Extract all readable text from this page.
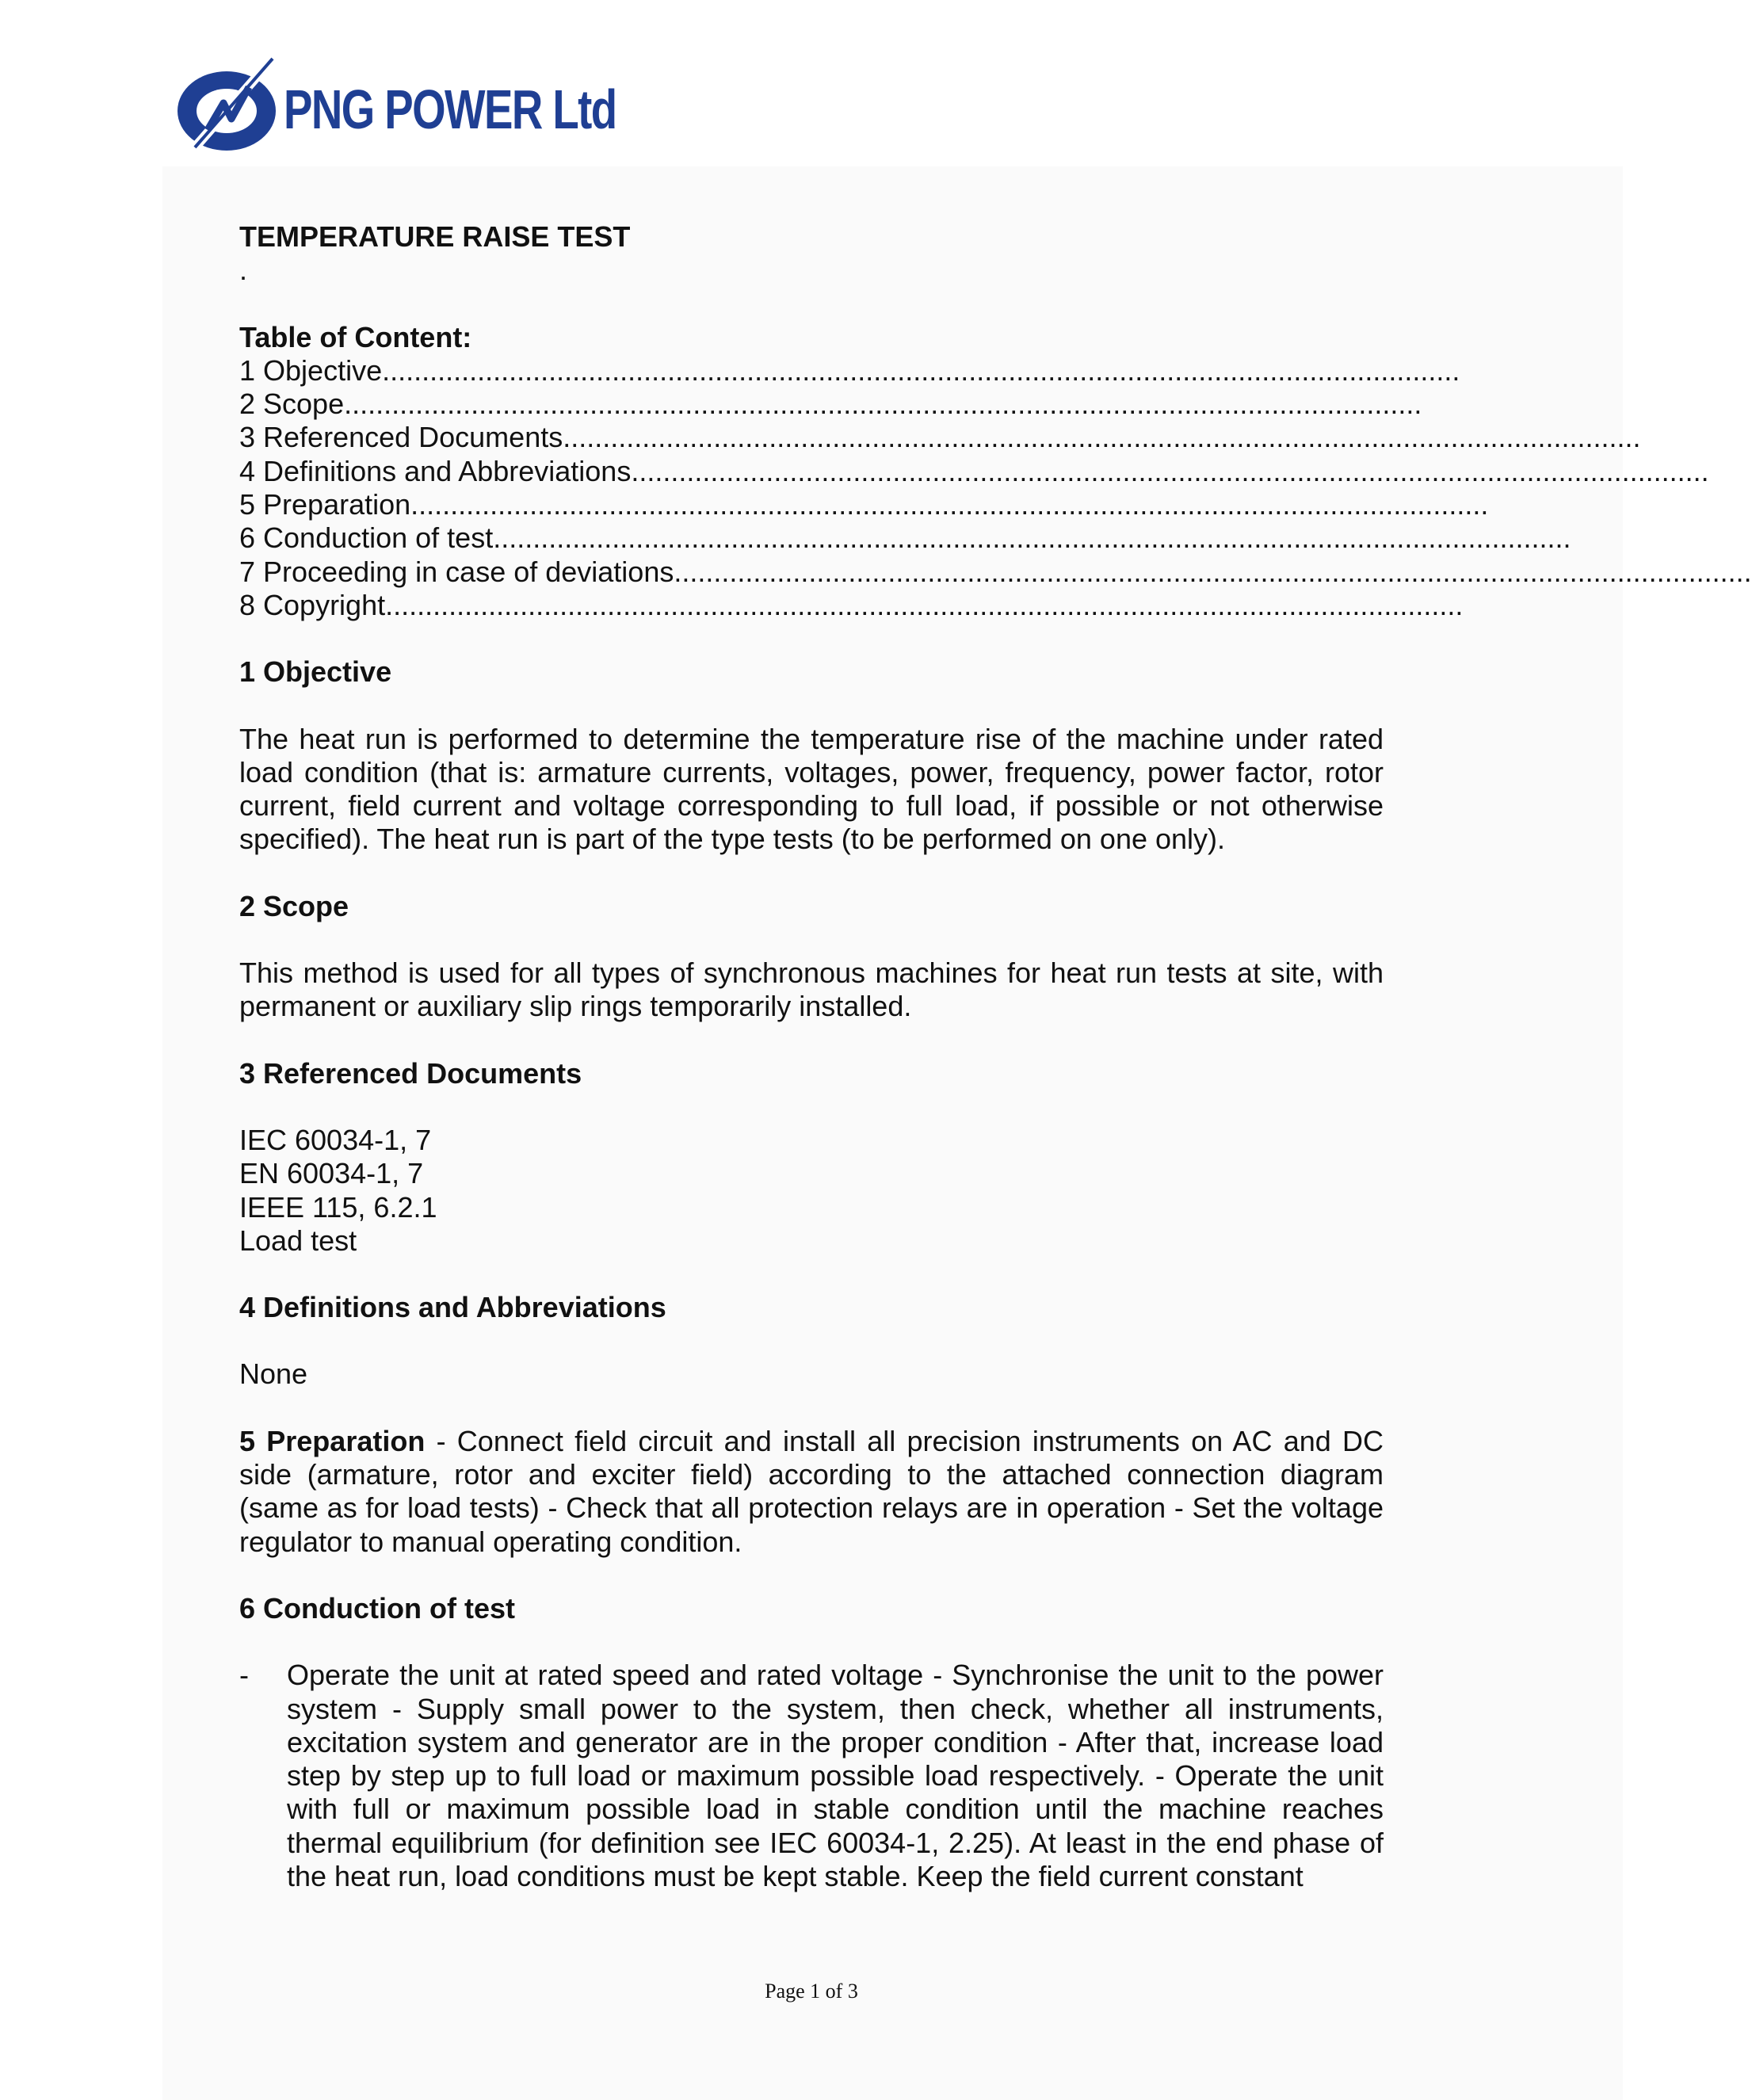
PNG POWER Ltd
TEMPERATURE RAISE TEST
.
Table of Content:
1 Objective........................................................................................................................................
2 Scope........................................................................................................................................
3 Referenced Documents........................................................................................................................................
4 Definitions and Abbreviations........................................................................................................................................
5 Preparation........................................................................................................................................
6 Conduction of test........................................................................................................................................
7 Proceeding in case of deviations........................................................................................................................................
8 Copyright........................................................................................................................................
1 Objective
The heat run is performed to determine the temperature rise of the machine under rated load condition (that is: armature currents, voltages, power, frequency, power factor, rotor current, field current and voltage corresponding to full load, if possible or not otherwise specified). The heat run is part of the type tests (to be performed on one only).
2 Scope
This method is used for all types of synchronous machines for heat run tests at site, with permanent or auxiliary slip rings temporarily installed.
3 Referenced Documents
IEC 60034-1, 7
EN 60034-1, 7
IEEE 115, 6.2.1
Load test
4 Definitions and Abbreviations
None
5 Preparation - Connect field circuit and install all precision instruments on AC and DC side (armature, rotor and exciter field) according to the attached connection diagram (same as for load tests) - Check that all protection relays are in operation - Set the voltage regulator to manual operating condition.
6 Conduction of test
-	Operate the unit at rated speed and rated voltage - Synchronise the unit to the power system - Supply small power to the system, then check, whether all instruments, excitation system and generator are in the proper condition - After that, increase load step by step up to full load or maximum possible load respectively. - Operate the unit with full or maximum possible load in stable condition until the machine reaches thermal equilibrium (for definition see IEC 60034-1, 2.25). At least in the end phase of the heat run, load conditions must be kept stable. Keep the field current constant
Page 1 of 3
